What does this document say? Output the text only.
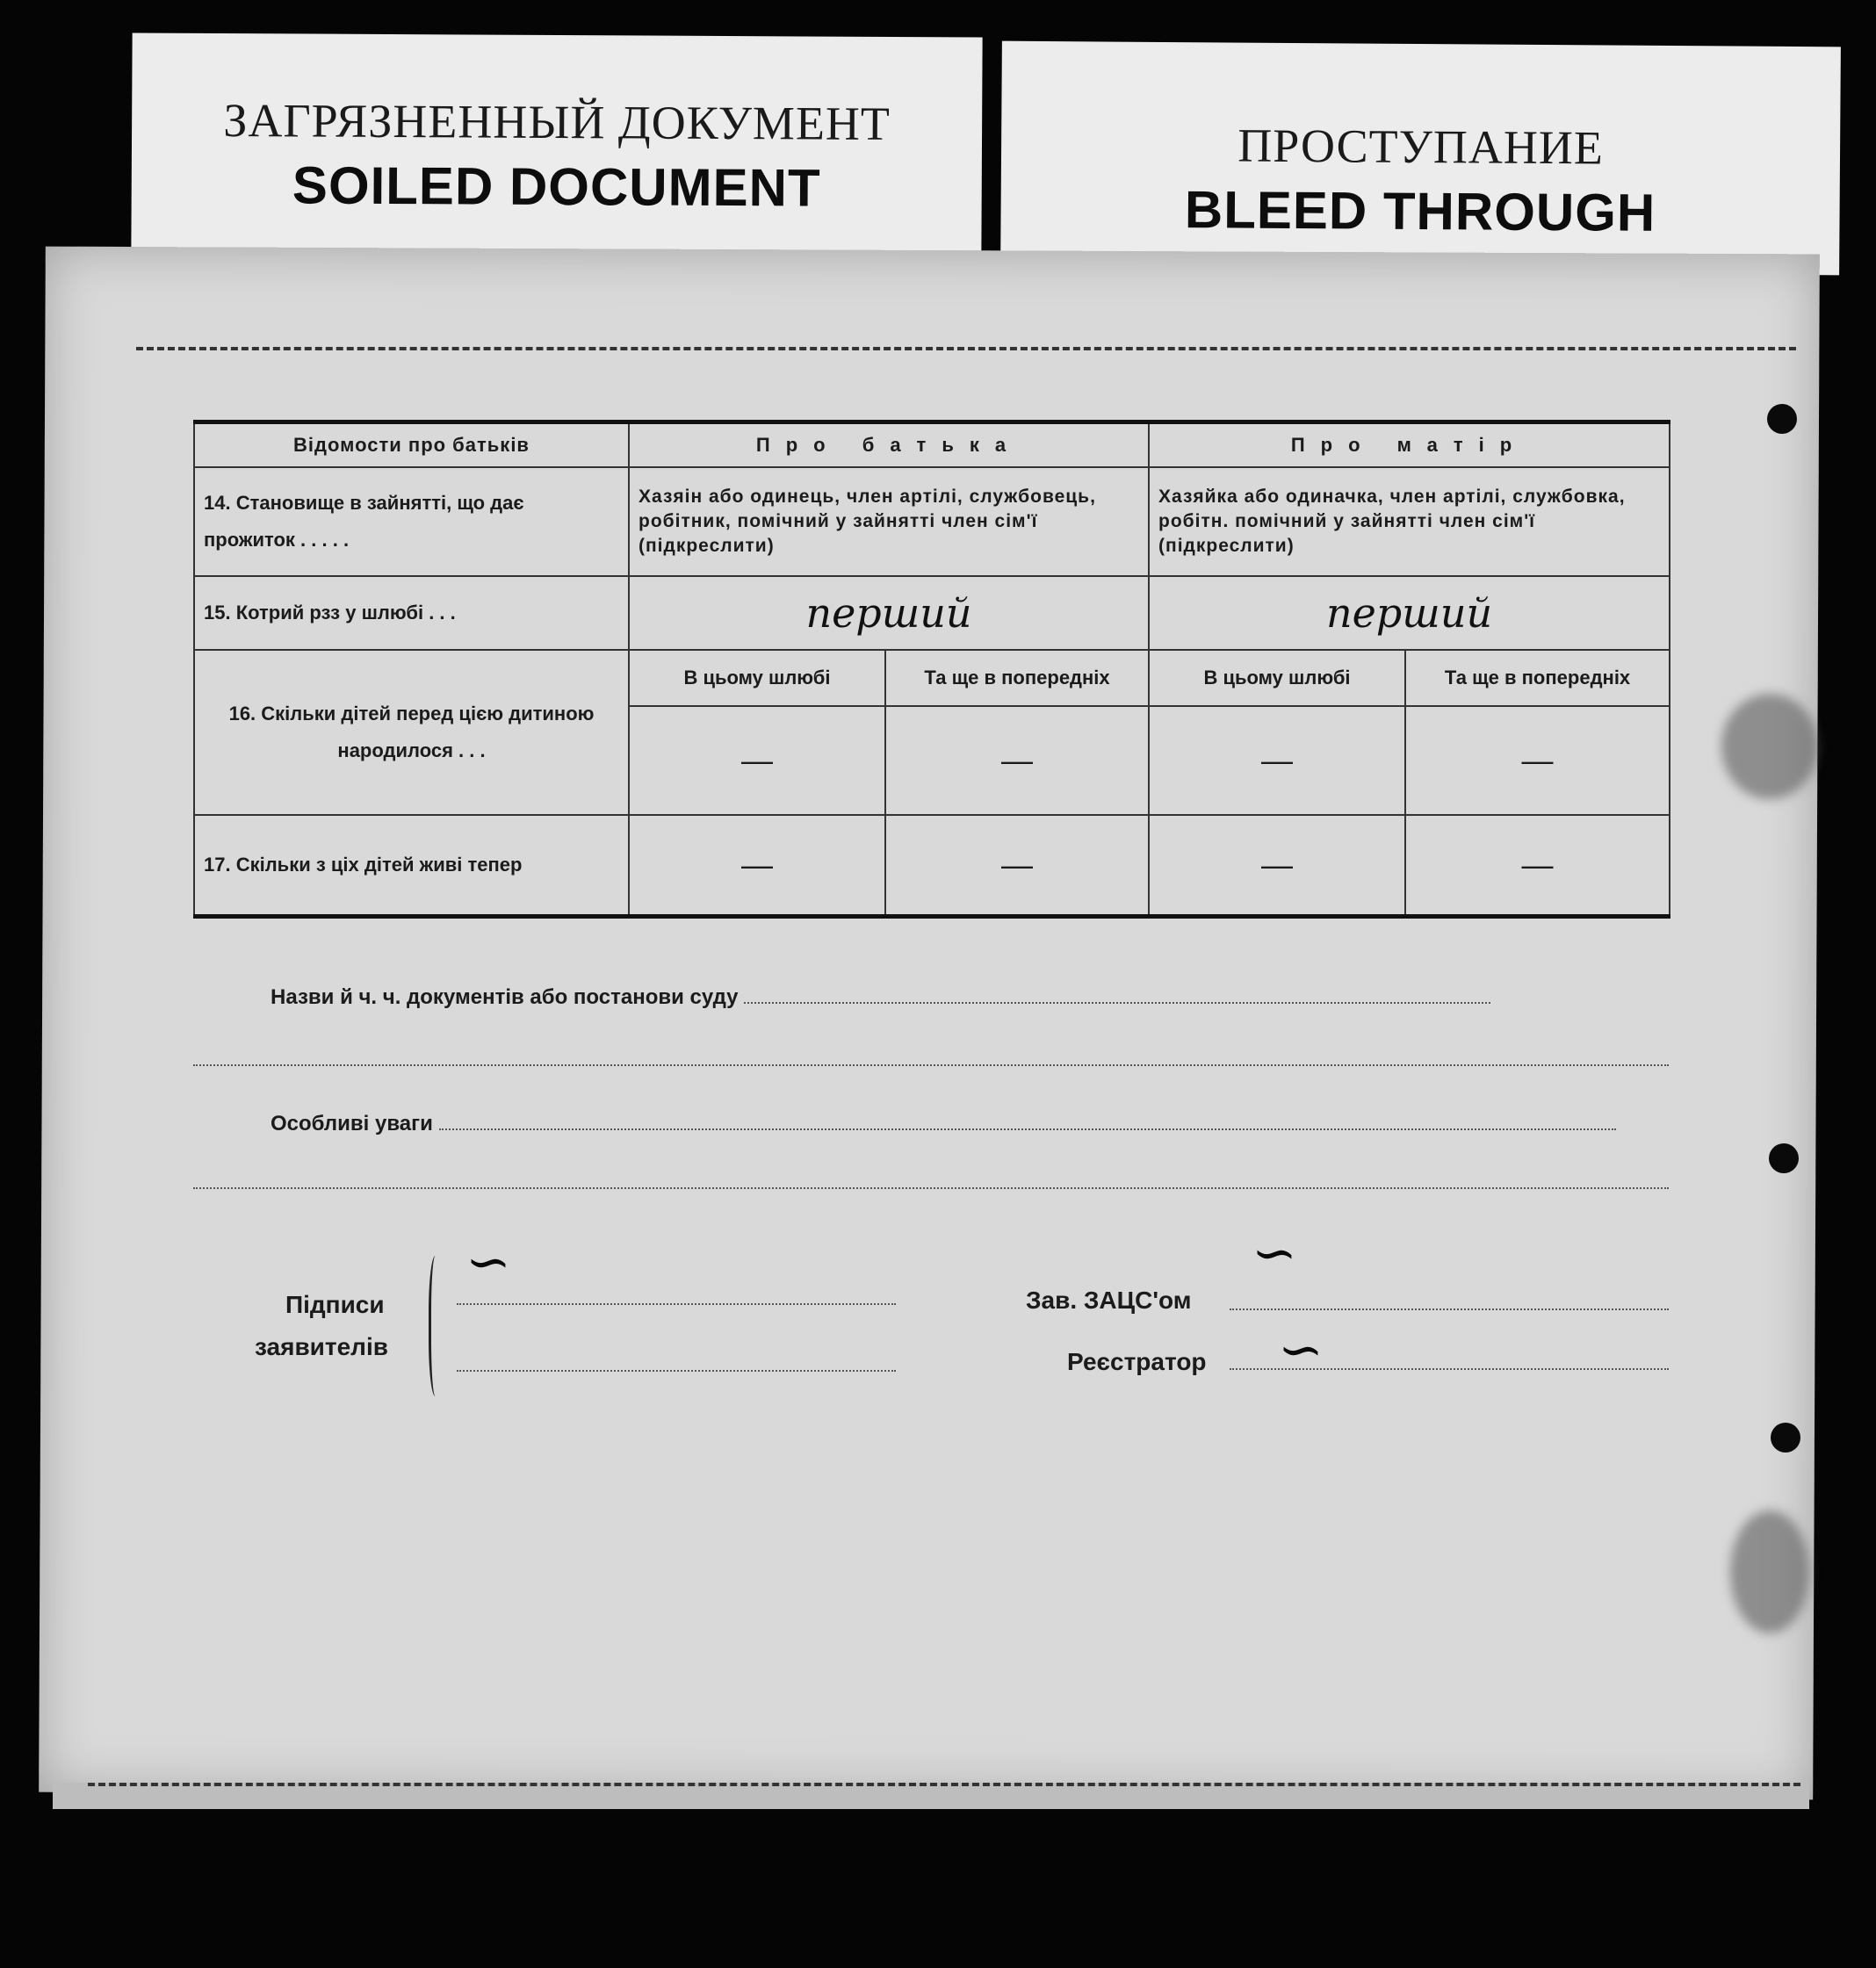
ЗАГРЯЗНЕННЫЙ ДОКУМЕНТ
SOILED DOCUMENT
ПРОСТУПАНИЕ
BLEED THROUGH
Відомости про батьків	Про батька		Про матір	
14. Становище в зайнятті, що дає прожиток . . . . .	Хазяін або одинець, член артілі, службовець, робітник, помічний у зайнятті член сім'ї (підкреслити)		Хазяйка або одиначка, член артілі, службовка, робітн. помічний у зайнятті член сім'ї (підкреслити)	
15. Котрий рзз у шлюбі . . .	перший		перший	
16. Скільки дітей перед цією дитиною народилося . . .	В цьому шлюбі	Та ще в попередніх	В цьому шлюбі	Та ще в попередніх
	—	—	—	—
17. Скільки з ціх дітей живі тепер	—	—	—	—
Назви й ч. ч. документів або постанови суду
Особливі уваги
Підписи
заявителів
∽
Зав. ЗАЦС'ом
Реєстратор
∽
∽
